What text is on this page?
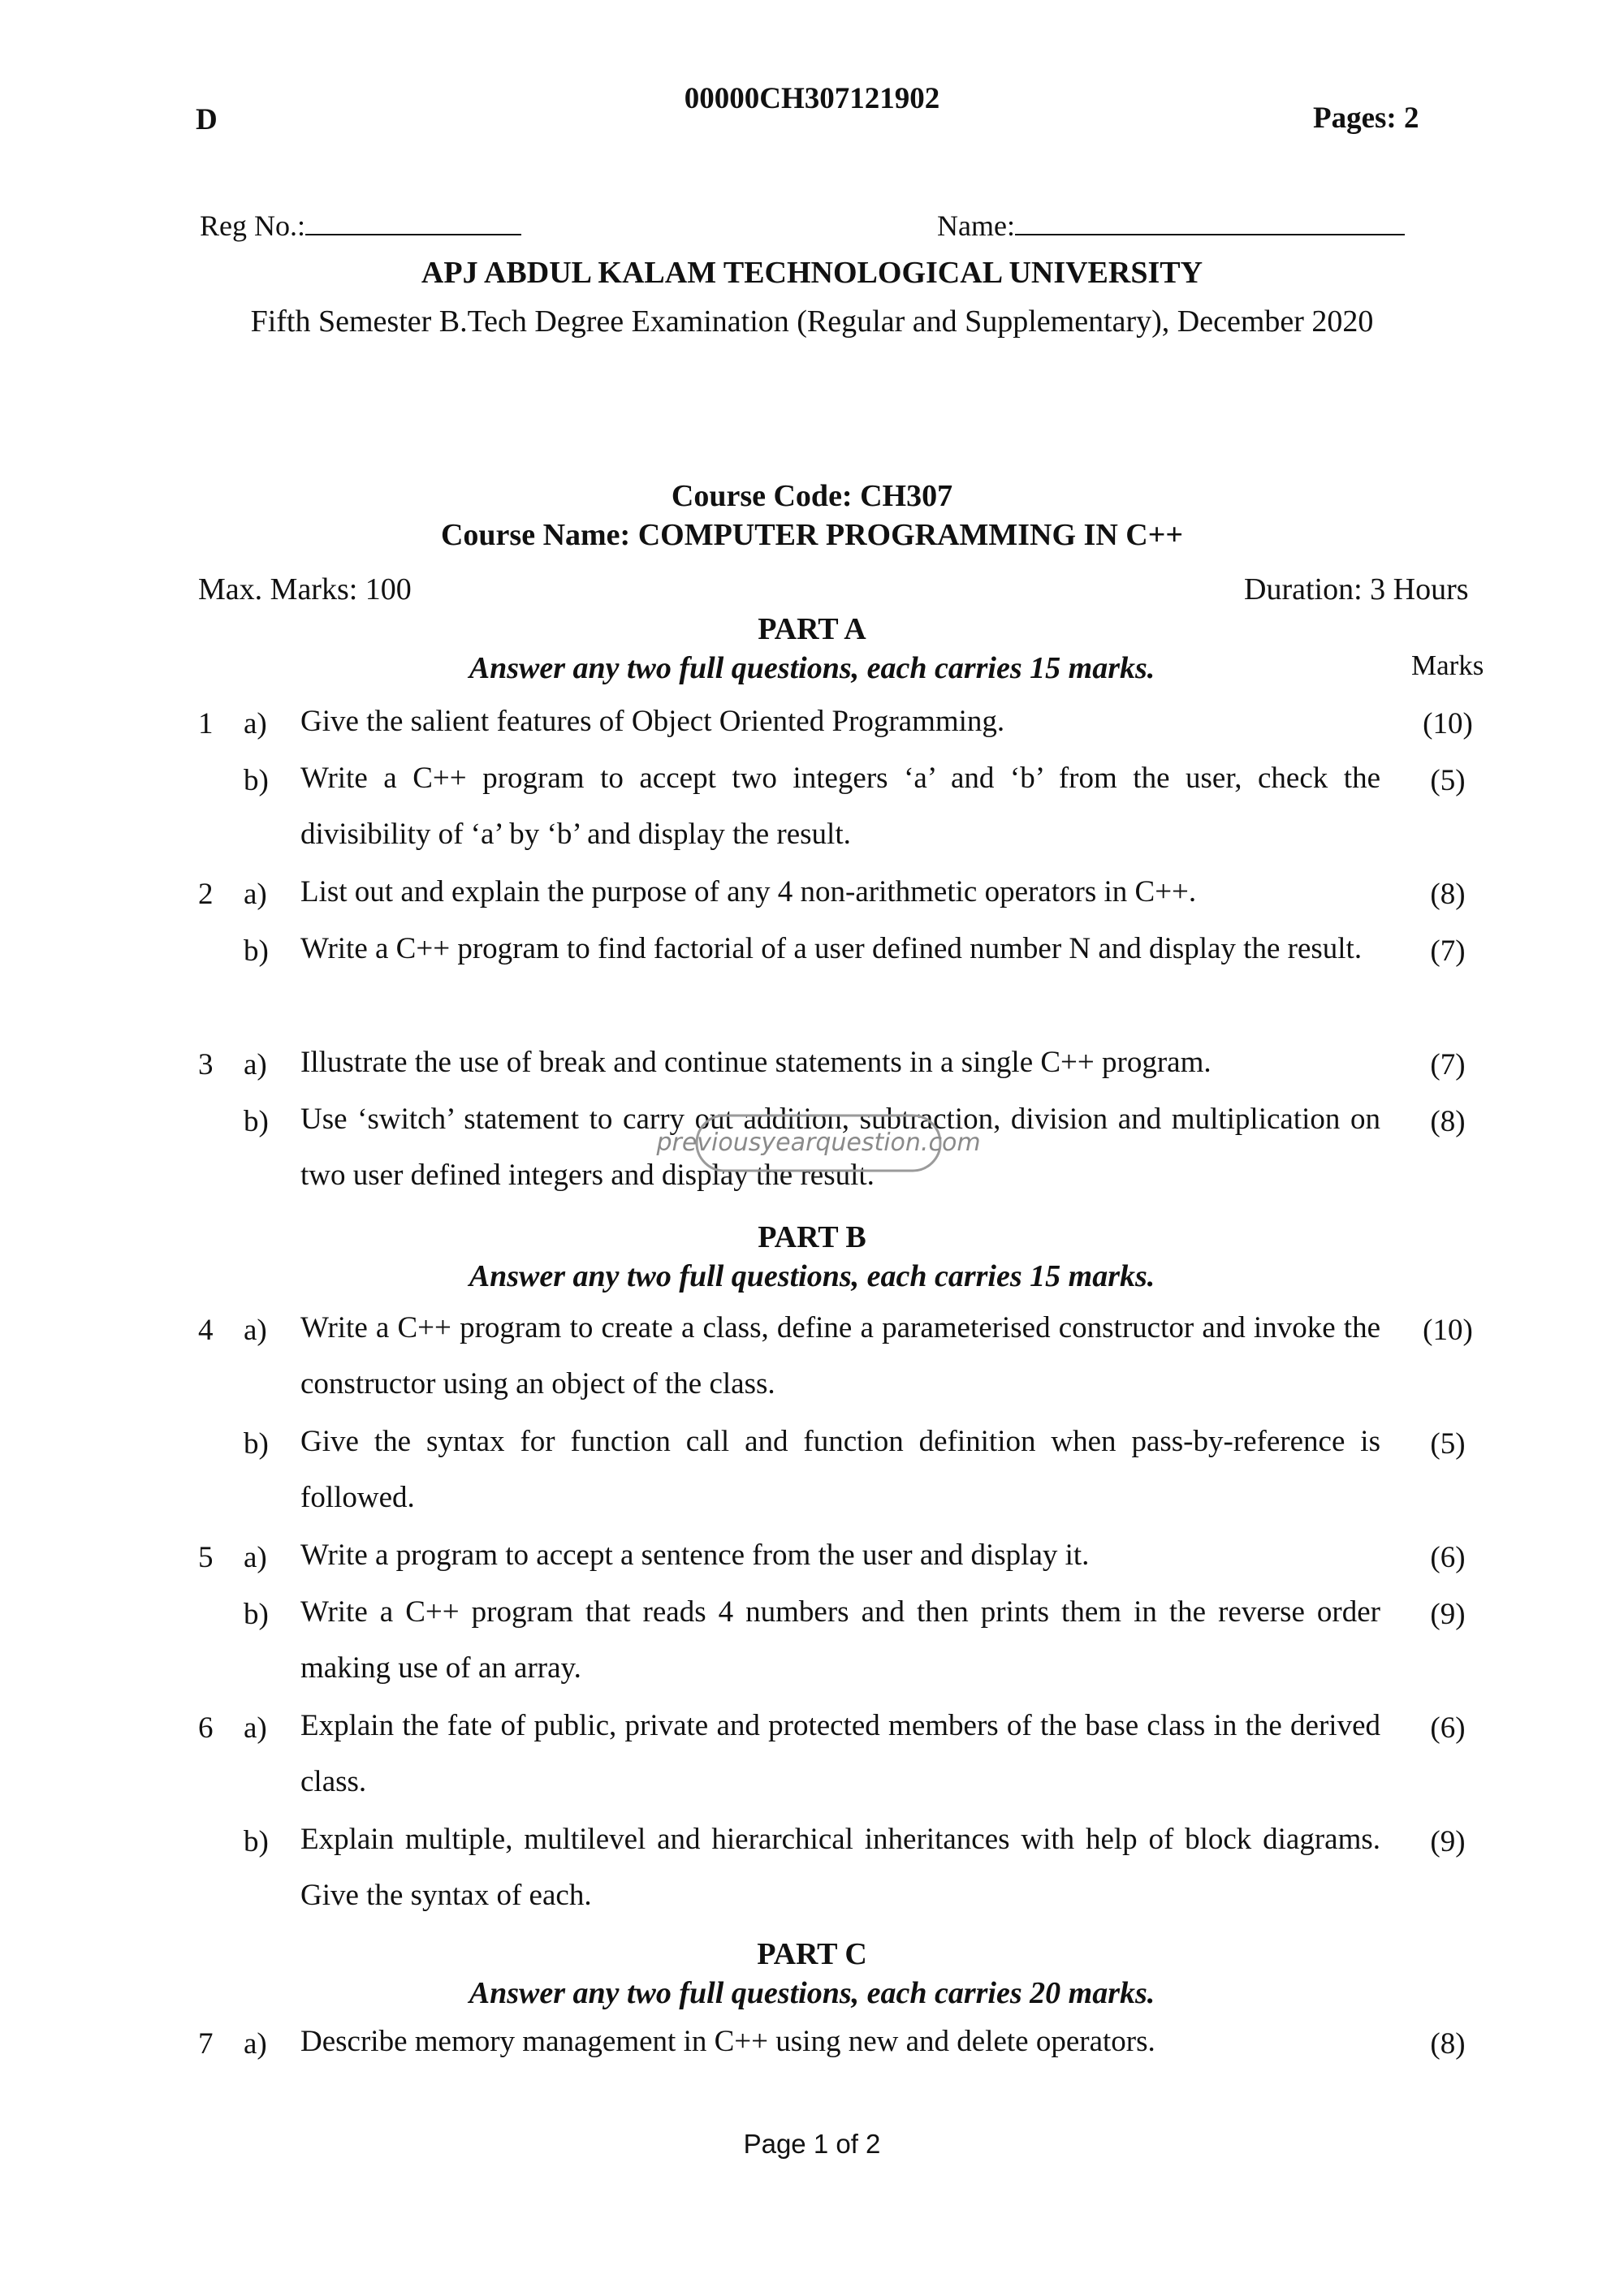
00000CH307121902
D	Pages: 2
Reg No.:	Name:
APJ ABDUL KALAM TECHNOLOGICAL UNIVERSITY
Fifth Semester B.Tech Degree Examination (Regular and Supplementary), December 2020
Course Code: CH307
Course Name: COMPUTER PROGRAMMING IN C++
Max. Marks: 100	Duration: 3 Hours
PART A
Answer any two full questions, each carries 15 marks.	Marks
1 a) Give the salient features of Object Oriented Programming.	(10)
b) Write a C++ program to accept two integers ‘a’ and ‘b’ from the user, check the divisibility of ‘a’ by ‘b’ and display the result.
(5)
2 a) List out and explain the purpose of any 4 non-arithmetic operators in C++.	(8)
b) Write a C++ program to find factorial of a user defined number N and display the result.	(7)
3 a) Illustrate the use of break and continue statements in a single C++ program.	(7)
b) Use ‘switch’ statement to carry out addition, subtraction, division and multiplication on two user defined integers and display the result.
(8)
previousyearquestion.com
PART B
Answer any two full questions, each carries 15 marks.
4 a) Write a C++ program to create a class, define a parameterised constructor and invoke the constructor using an object of the class.
(10)
b) Give the syntax for function call and function definition when pass-by-reference is followed.
(5)
5 a) Write a program to accept a sentence from the user and display it.	(6)
b) Write a C++ program that reads 4 numbers and then prints them in the reverse order making use of an array.
(9)
6 a) Explain the fate of public, private and protected members of the base class in the derived class.
(6)
b) Explain multiple, multilevel and hierarchical inheritances with help of block diagrams. Give the syntax of each.
(9)
PART C
Answer any two full questions, each carries 20 marks.
7 a) Describe memory management in C++ using new and delete operators.	(8)
Page 1 of 2
